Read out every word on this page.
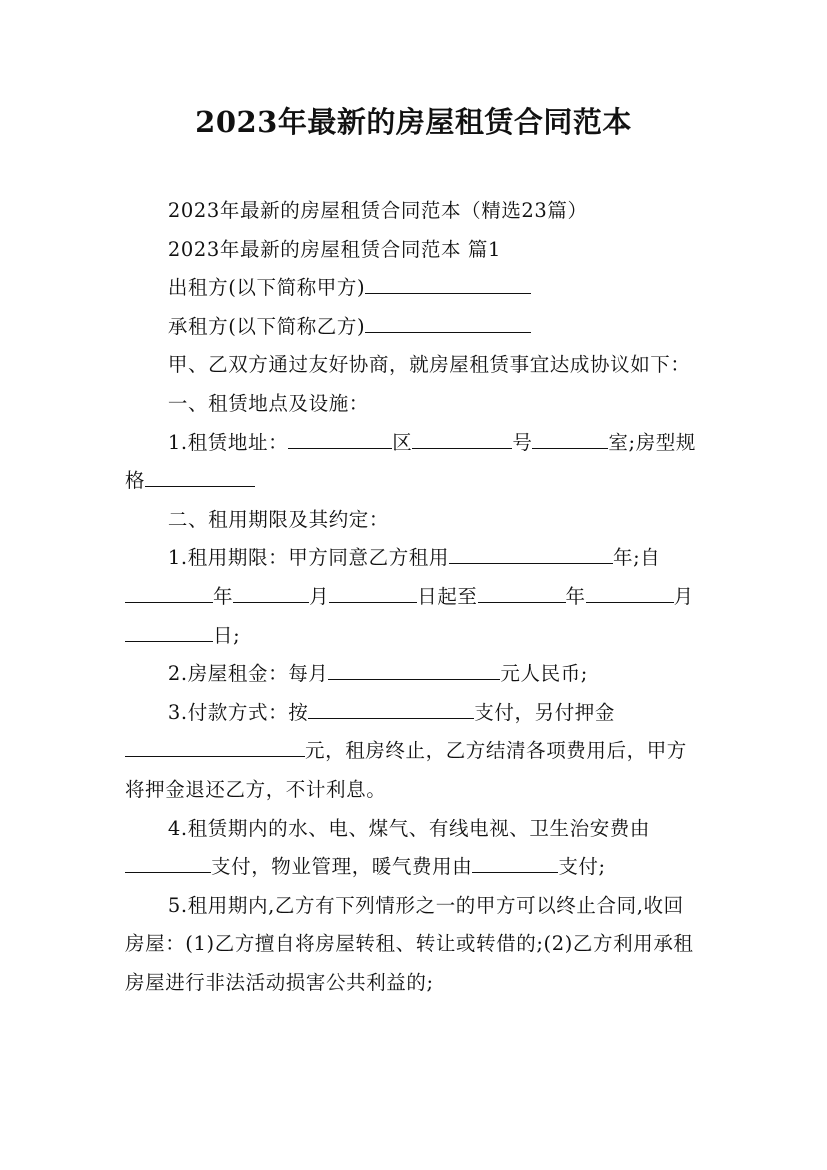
2023年最新的房屋租赁合同范本

2023年最新的房屋租赁合同范本（精选23篇）

2023年最新的房屋租赁合同范本 篇1

出租方(以下简称甲方)

承租方(以下简称乙方)

甲、乙双方通过友好协商，就房屋租赁事宜达成协议如下：

一、租赁地点及设施：

1.租赁地址：	区	号	室;房型规格

二、租用期限及其约定：

1.租用期限：甲方同意乙方租用	年;自年	月	日起至	年	月日;

2.房屋租金：每月	元人民币;

3.付款方式：按	支付，另付押金元，租房终止，乙方结清各项费用后，甲方将押金退还乙方，不计利息。

4.租赁期内的水、电、煤气、有线电视、卫生治安费由支付，物业管理，暖气费用由	支付;

5.租用期内,乙方有下列情形之一的甲方可以终止合同,收回房屋：(1)乙方擅自将房屋转租、转让或转借的;(2)乙方利用承租房屋进行非法活动损害公共利益的;
